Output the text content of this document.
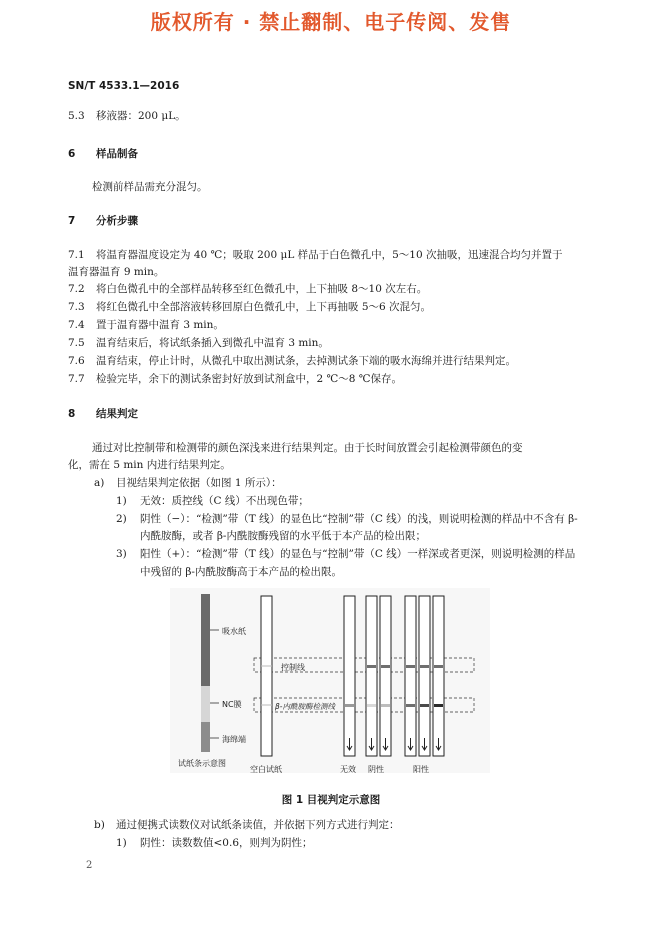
版权所有 · 禁止翻制、电子传阅、发售
SN/T 4533.1—2016
5.3 移液器：200 μL。
6 样品制备
检测前样品需充分混匀。
7 分析步骤
7.1 将温育器温度设定为 40 ℃；吸取 200 μL 样品于白色微孔中，5～10 次抽吸，迅速混合均匀并置于
温育器温育 9 min。
7.2 将白色微孔中的全部样品转移至红色微孔中，上下抽吸 8～10 次左右。
7.3 将红色微孔中全部溶液转移回原白色微孔中，上下再抽吸 5～6 次混匀。
7.4 置于温育器中温育 3 min。
7.5 温育结束后，将试纸条插入到微孔中温育 3 min。
7.6 温育结束，停止计时，从微孔中取出测试条，去掉测试条下端的吸水海绵并进行结果判定。
7.7 检验完毕，余下的测试条密封好放到试剂盒中，2 ℃～8 ℃保存。
8 结果判定
通过对比控制带和检测带的颜色深浅来进行结果判定。由于长时间放置会引起检测带颜色的变
化，需在 5 min 内进行结果判定。
a) 目视结果判定依据（如图 1 所示）：
1) 无效：质控线（C 线）不出现色带；
2) 阴性（−）：“检测”带（T 线）的显色比“控制”带（C 线）的浅，则说明检测的样品中不含有 β-
内酰胺酶，或者 β-内酰胺酶残留的水平低于本产品的检出限；
3) 阳性（+）：“检测”带（T 线）的显色与“控制”带（C 线）一样深或者更深，则说明检测的样品
中残留的 β-内酰胺酶高于本产品的检出限。
吸水纸
NC膜
海绵端
试纸条示意图
控制线
β-内酰胺酶检测线
空白试纸	无效 阴性	阳性
图 1 目视判定示意图
b) 通过便携式读数仪对试纸条读值，并依据下列方式进行判定：
1) 阴性：读数数值<0.6，则判为阴性；
2
